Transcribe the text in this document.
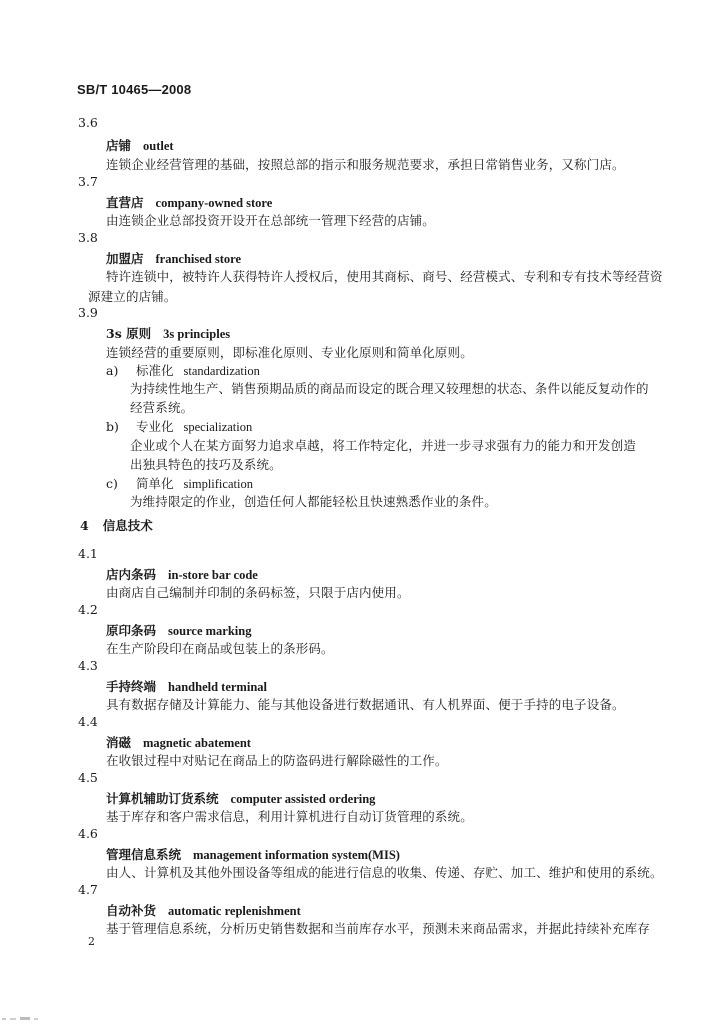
SB/T 10465—2008
3.6
店铺 outlet
连锁企业经营管理的基础，按照总部的指示和服务规范要求，承担日常销售业务，又称门店。
3.7
直营店 company-owned store
由连锁企业总部投资开设开在总部统一管理下经营的店铺。
3.8
加盟店 franchised store
特许连锁中，被特许人获得特许人授权后，使用其商标、商号、经营模式、专利和专有技术等经营资
源建立的店铺。
3.9
3s 原则 3s principles
连锁经营的重要原则，即标准化原则、专业化原则和简单化原则。
a) 标准化 standardization
为持续性地生产、销售预期品质的商品而设定的既合理又较理想的状态、条件以能反复动作的
经营系统。
b) 专业化 specialization
企业或个人在某方面努力追求卓越，将工作特定化，并进一步寻求强有力的能力和开发创造
出独具特色的技巧及系统。
c) 简单化 simplification
为维持限定的作业，创造任何人都能轻松且快速熟悉作业的条件。
4 信息技术
4.1
店内条码 in-store bar code
由商店自己编制并印制的条码标签，只限于店内使用。
4.2
原印条码 source marking
在生产阶段印在商品或包装上的条形码。
4.3
手持终端 handheld terminal
具有数据存储及计算能力、能与其他设备进行数据通讯、有人机界面、便于手持的电子设备。
4.4
消磁 magnetic abatement
在收银过程中对贴记在商品上的防盗码进行解除磁性的工作。
4.5
计算机辅助订货系统 computer assisted ordering
基于库存和客户需求信息，利用计算机进行自动订货管理的系统。
4.6
管理信息系统 management information system(MIS)
由人、计算机及其他外围设备等组成的能进行信息的收集、传递、存贮、加工、维护和使用的系统。
4.7
自动补货 automatic replenishment
基于管理信息系统，分析历史销售数据和当前库存水平，预测未来商品需求，并据此持续补充库存
2
